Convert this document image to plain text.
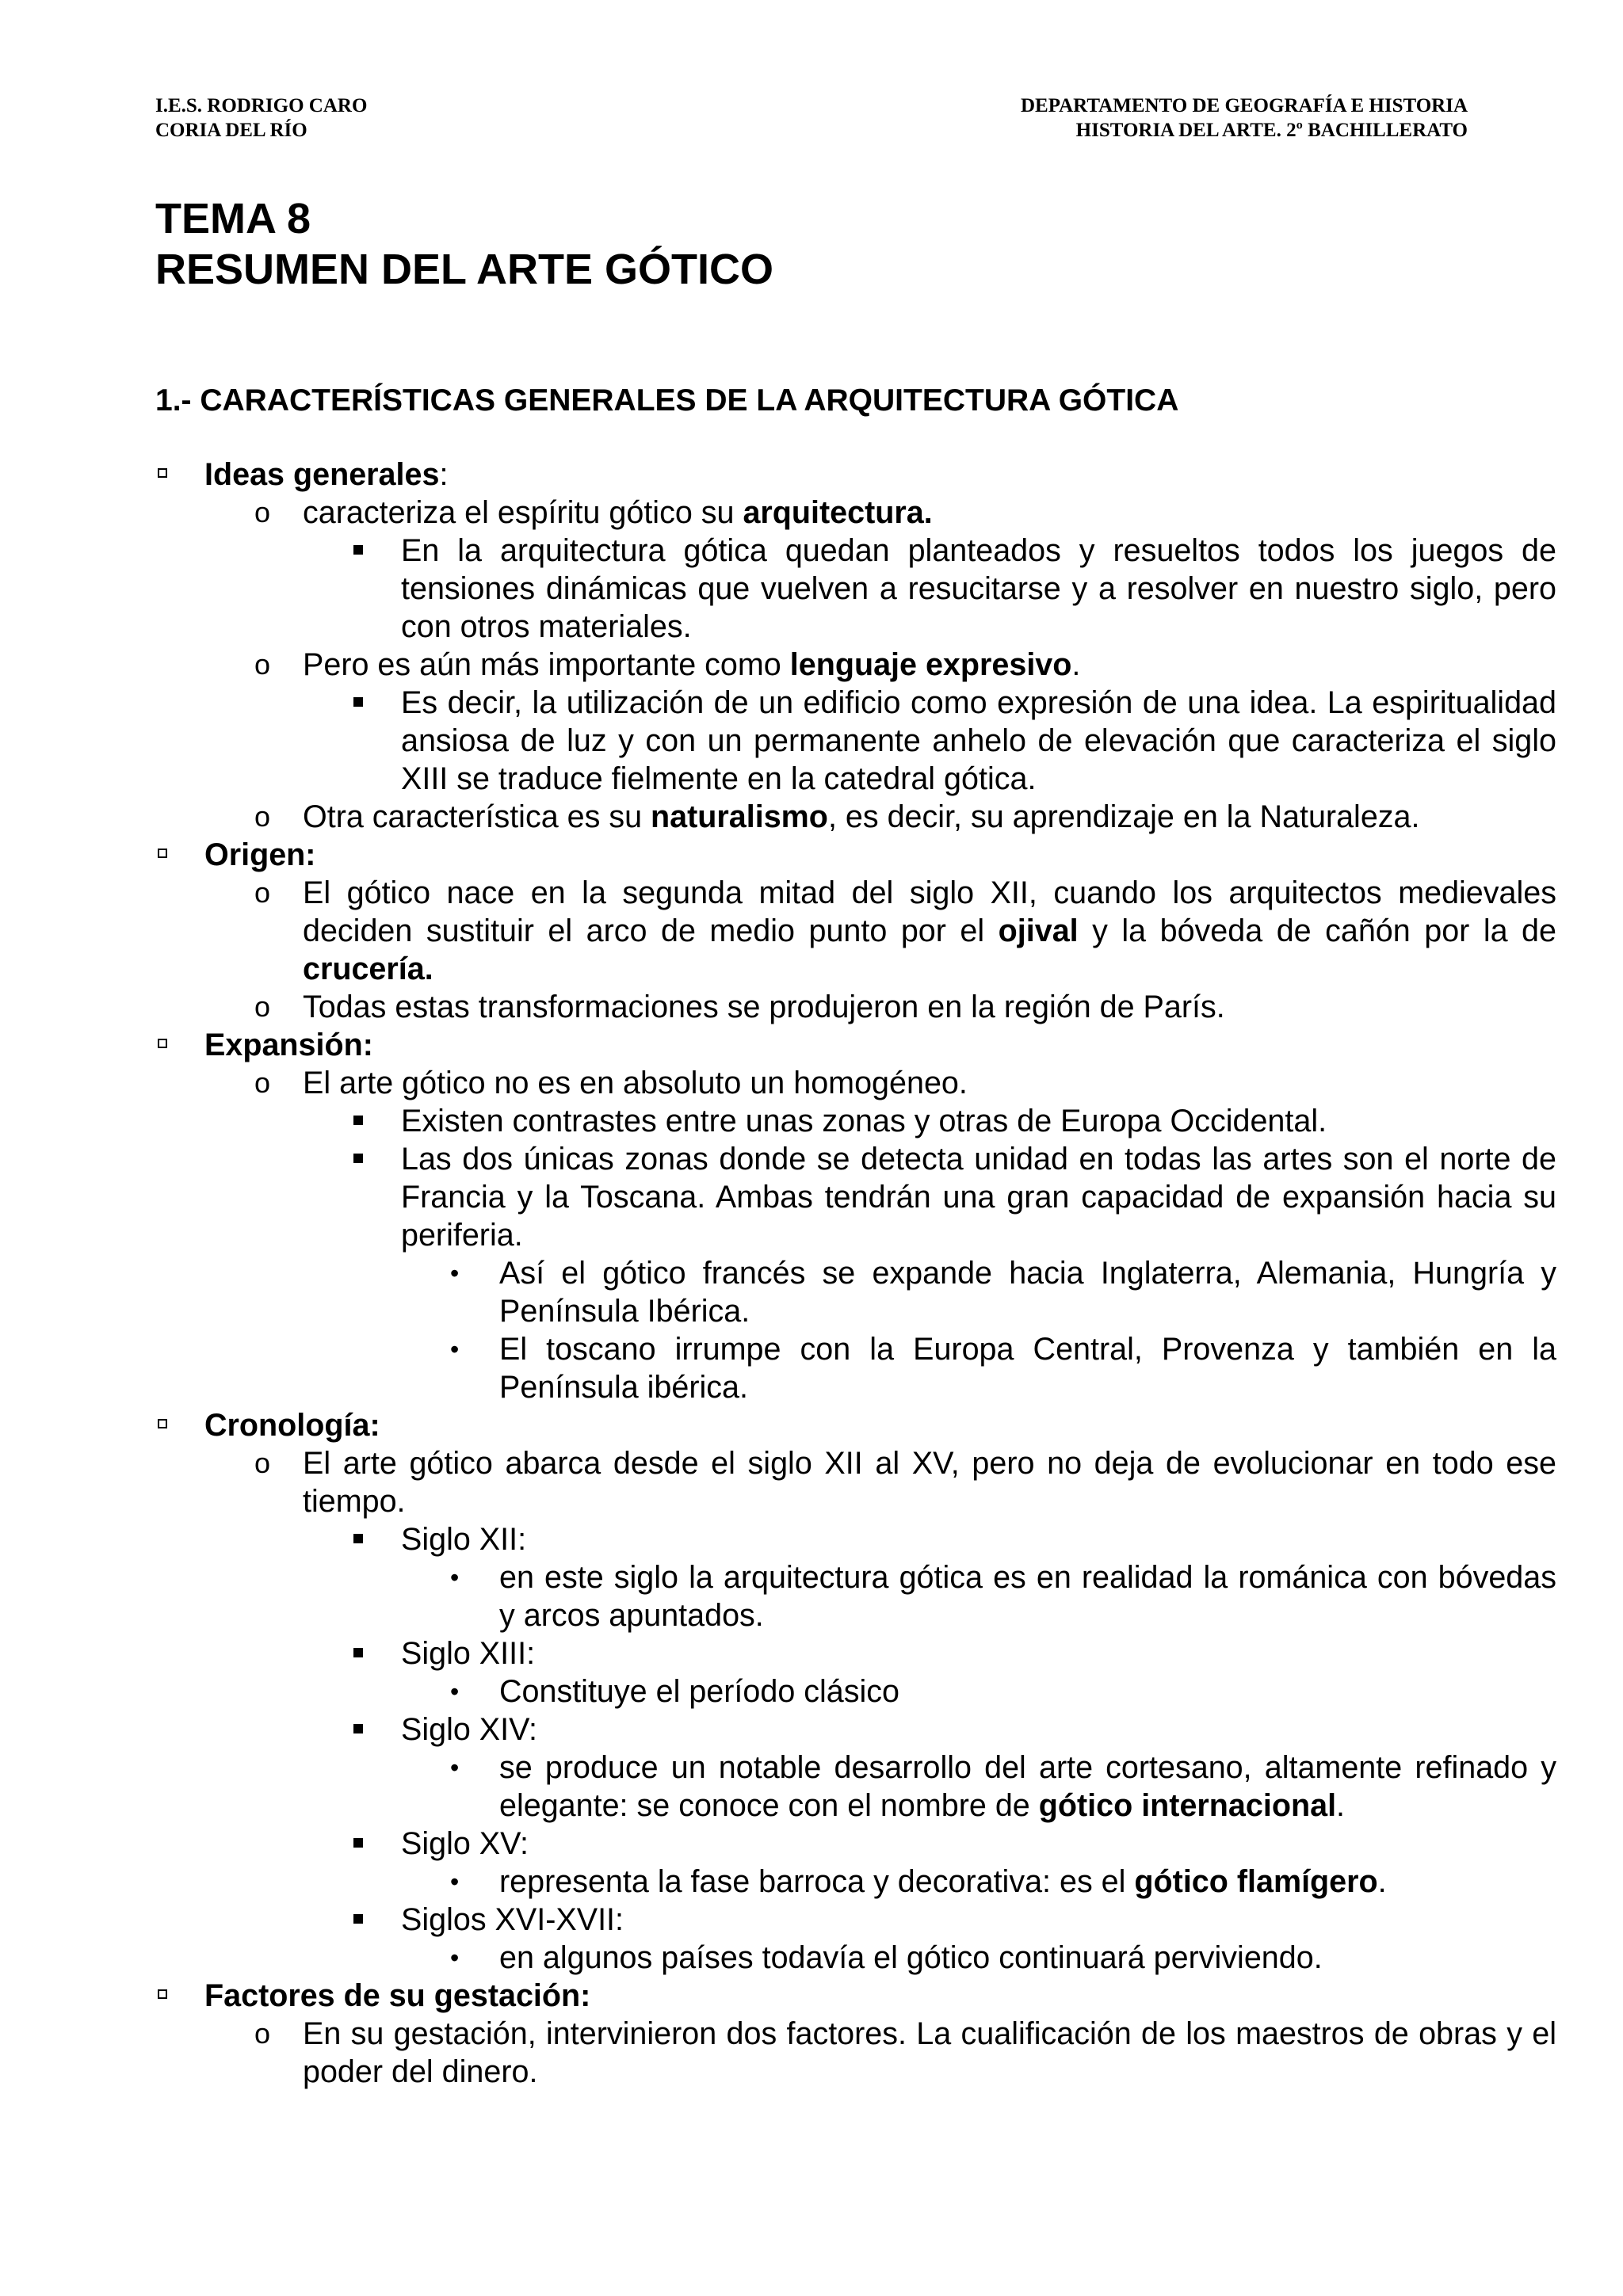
I.E.S. RODRIGO CARO
CORIA DEL RÍO
DEPARTAMENTO DE GEOGRAFÍA E HISTORIA
HISTORIA DEL ARTE. 2º BACHILLERATO
TEMA 8
RESUMEN DEL ARTE GÓTICO
1.- CARACTERÍSTICAS GENERALES DE LA ARQUITECTURA GÓTICA
Ideas generales:
o caracteriza el espíritu gótico su arquitectura.
En la arquitectura gótica quedan planteados y resueltos todos los juegos de tensiones dinámicas que vuelven a resucitarse y a resolver en nuestro siglo, pero con otros materiales.
o Pero es aún más importante como lenguaje expresivo.
Es decir, la utilización de un edificio como expresión de una idea. La espiritualidad ansiosa de luz y con un permanente anhelo de elevación que caracteriza el siglo XIII se traduce fielmente en la catedral gótica.
o Otra característica es su naturalismo, es decir, su aprendizaje en la Naturaleza.
Origen:
o El gótico nace en la segunda mitad del siglo XII, cuando los arquitectos medievales deciden sustituir el arco de medio punto por el ojival y la bóveda de cañón por la de crucería.
o Todas estas transformaciones se produjeron en la región de París.
Expansión:
o El arte gótico no es en absoluto un homogéneo.
Existen contrastes entre unas zonas y otras de Europa Occidental.
Las dos únicas zonas donde se detecta unidad en todas las artes son el norte de Francia y la Toscana. Ambas tendrán una gran capacidad de expansión hacia su periferia.
• Así el gótico francés se expande hacia Inglaterra, Alemania, Hungría y Península Ibérica.
• El toscano irrumpe con la Europa Central, Provenza y también en la Península ibérica.
Cronología:
o El arte gótico abarca desde el siglo XII al XV, pero no deja de evolucionar en todo ese tiempo.
Siglo XII:
• en este siglo la arquitectura gótica es en realidad la románica con bóvedas y arcos apuntados.
Siglo XIII:
• Constituye el período clásico
Siglo XIV:
• se produce un notable desarrollo del arte cortesano, altamente refinado y elegante: se conoce con el nombre de gótico internacional.
Siglo XV:
• representa la fase barroca y decorativa: es el gótico flamígero.
Siglos XVI-XVII:
• en algunos países todavía el gótico continuará perviviendo.
Factores de su gestación:
o En su gestación, intervinieron dos factores. La cualificación de los maestros de obras y el poder del dinero.
